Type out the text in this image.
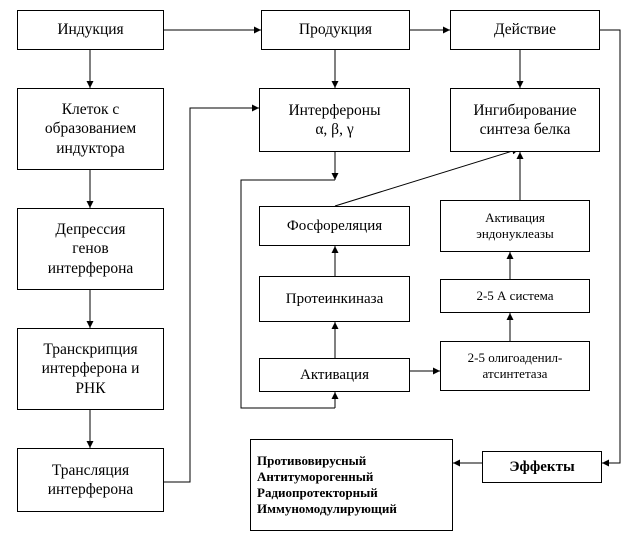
Индукция	Продукция	Действие
Клеток с
образованием
индуктора
Депрессия
генов
интерферона
Транскрипция
интерферона и
РНК
Трансляция
интерферона
Интерфероны
α, β, γ
Фосфореляция
Протеинкиназа
Активация
Ингибирование
синтеза белка
Активация
эндонуклеазы
2-5 А система
2-5 олигоаденил-
атсинтетаза
Противовирусный
Антитуморогенный
Радиопротекторный
Иммуномодулирующий
Эффекты
